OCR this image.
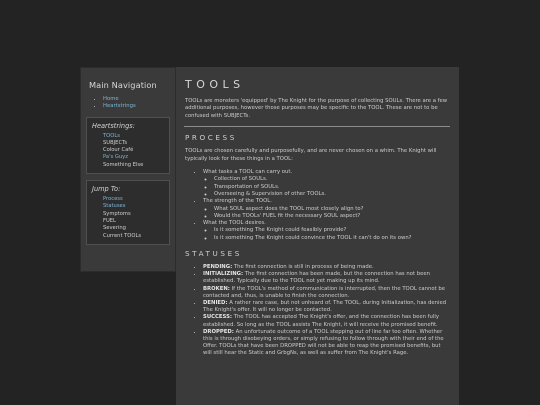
Main Navigation
• Home
• Heartstrings
Heartstrings:
TOOLs
SUBJECTs
Colour Café
Pa's Guyz
Something Else
Jump To:
Process
Statuses
Symptoms
FUEL
Severing
Current TOOLs
TOOLS

TOOLs are monsters 'equipped' by The Knight for the purpose of collecting SOULs. There are a few additional purposes, however those purposes may be specific to the TOOL. These are not to be confused with SUBJECTs.

PROCESS

TOOLs are chosen carefully and purposefully, and are never chosen on a whim. The Knight will typically look for these things in a TOOL:

• What tasks a TOOL can carry out.
◦ Collection of SOULs.
◦ Transportation of SOULs.
◦ Overseeing & Supervision of other TOOLs.
• The strength of the TOOL.
◦ What SOUL aspect does the TOOL most closely align to?
◦ Would the TOOLs' FUEL fit the necessary SOUL aspect?
• What the TOOL desires.
◦ Is it something The Knight could feasibly provide?
◦ Is it something The Knight could convince the TOOL it can't do on its own?
STATUSES
• PENDING: The first connection is still in process of being made.
• INITIALIZING: The first connection has been made, but the connection has not been established. Typically due to the TOOL not yet making up its mind.
• BROKEN: If the TOOL's method of communication is interrupted, then the TOOL cannot be contacted and, thus, is unable to finish the connection.
• DENIED: A rather rare case, but not unheard of. The TOOL, during Initialization, has denied The Knight's offer. It will no longer be contacted.
• SUCCESS: The TOOL has accepted The Knight's offer, and the connection has been fully established. So long as the TOOL assists The Knight, it will receive the promised benefit.
• DROPPED: An unfortunate outcome of a TOOL stepping out of line far too often. Whether this is through disobeying orders, or simply refusing to follow through with their end of the Offer. TOOLs that have been DROPPED will not be able to reap the promised benefits, but will still hear the Static and GrbgNs, as well as suffer from The Knight's Rage.
